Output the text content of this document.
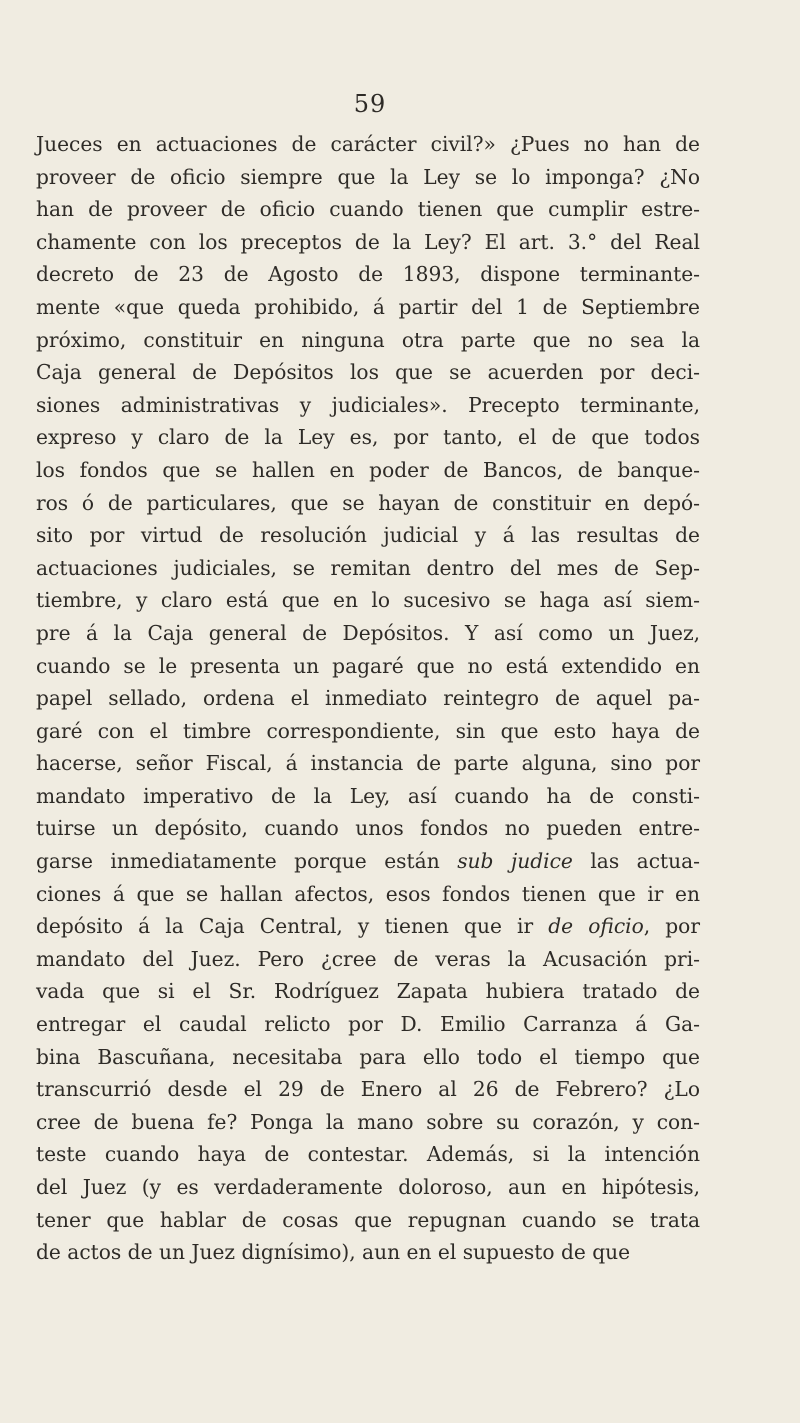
59
Jueces en actuaciones de carácter civil?» ¿Pues no han de
proveer de oficio siempre que la Ley se lo imponga? ¿No
han de proveer de oficio cuando tienen que cumplir estre-
chamente con los preceptos de la Ley? El art. 3.° del Real
decreto de 23 de Agosto de 1893, dispone terminante-
mente «que queda prohibido, á partir del 1 de Septiembre
próximo, constituir en ninguna otra parte que no sea la
Caja general de Depósitos los que se acuerden por deci-
siones administrativas y judiciales». Precepto terminante,
expreso y claro de la Ley es, por tanto, el de que todos
los fondos que se hallen en poder de Bancos, de banque-
ros ó de particulares, que se hayan de constituir en depó-
sito por virtud de resolución judicial y á las resultas de
actuaciones judiciales, se remitan dentro del mes de Sep-
tiembre, y claro está que en lo sucesivo se haga así siem-
pre á la Caja general de Depósitos. Y así como un Juez,
cuando se le presenta un pagaré que no está extendido en
papel sellado, ordena el inmediato reintegro de aquel pa-
garé con el timbre correspondiente, sin que esto haya de
hacerse, señor Fiscal, á instancia de parte alguna, sino por
mandato imperativo de la Ley, así cuando ha de consti-
tuirse un depósito, cuando unos fondos no pueden entre-
garse inmediatamente porque están sub judice las actua-
ciones á que se hallan afectos, esos fondos tienen que ir en
depósito á la Caja Central, y tienen que ir de oficio, por
mandato del Juez. Pero ¿cree de veras la Acusación pri-
vada que si el Sr. Rodríguez Zapata hubiera tratado de
entregar el caudal relicto por D. Emilio Carranza á Ga-
bina Bascuñana, necesitaba para ello todo el tiempo que
transcurrió desde el 29 de Enero al 26 de Febrero? ¿Lo
cree de buena fe? Ponga la mano sobre su corazón, y con-
teste cuando haya de contestar. Además, si la intención
del Juez (y es verdaderamente doloroso, aun en hipótesis,
tener que hablar de cosas que repugnan cuando se trata
de actos de un Juez dignísimo), aun en el supuesto de que
